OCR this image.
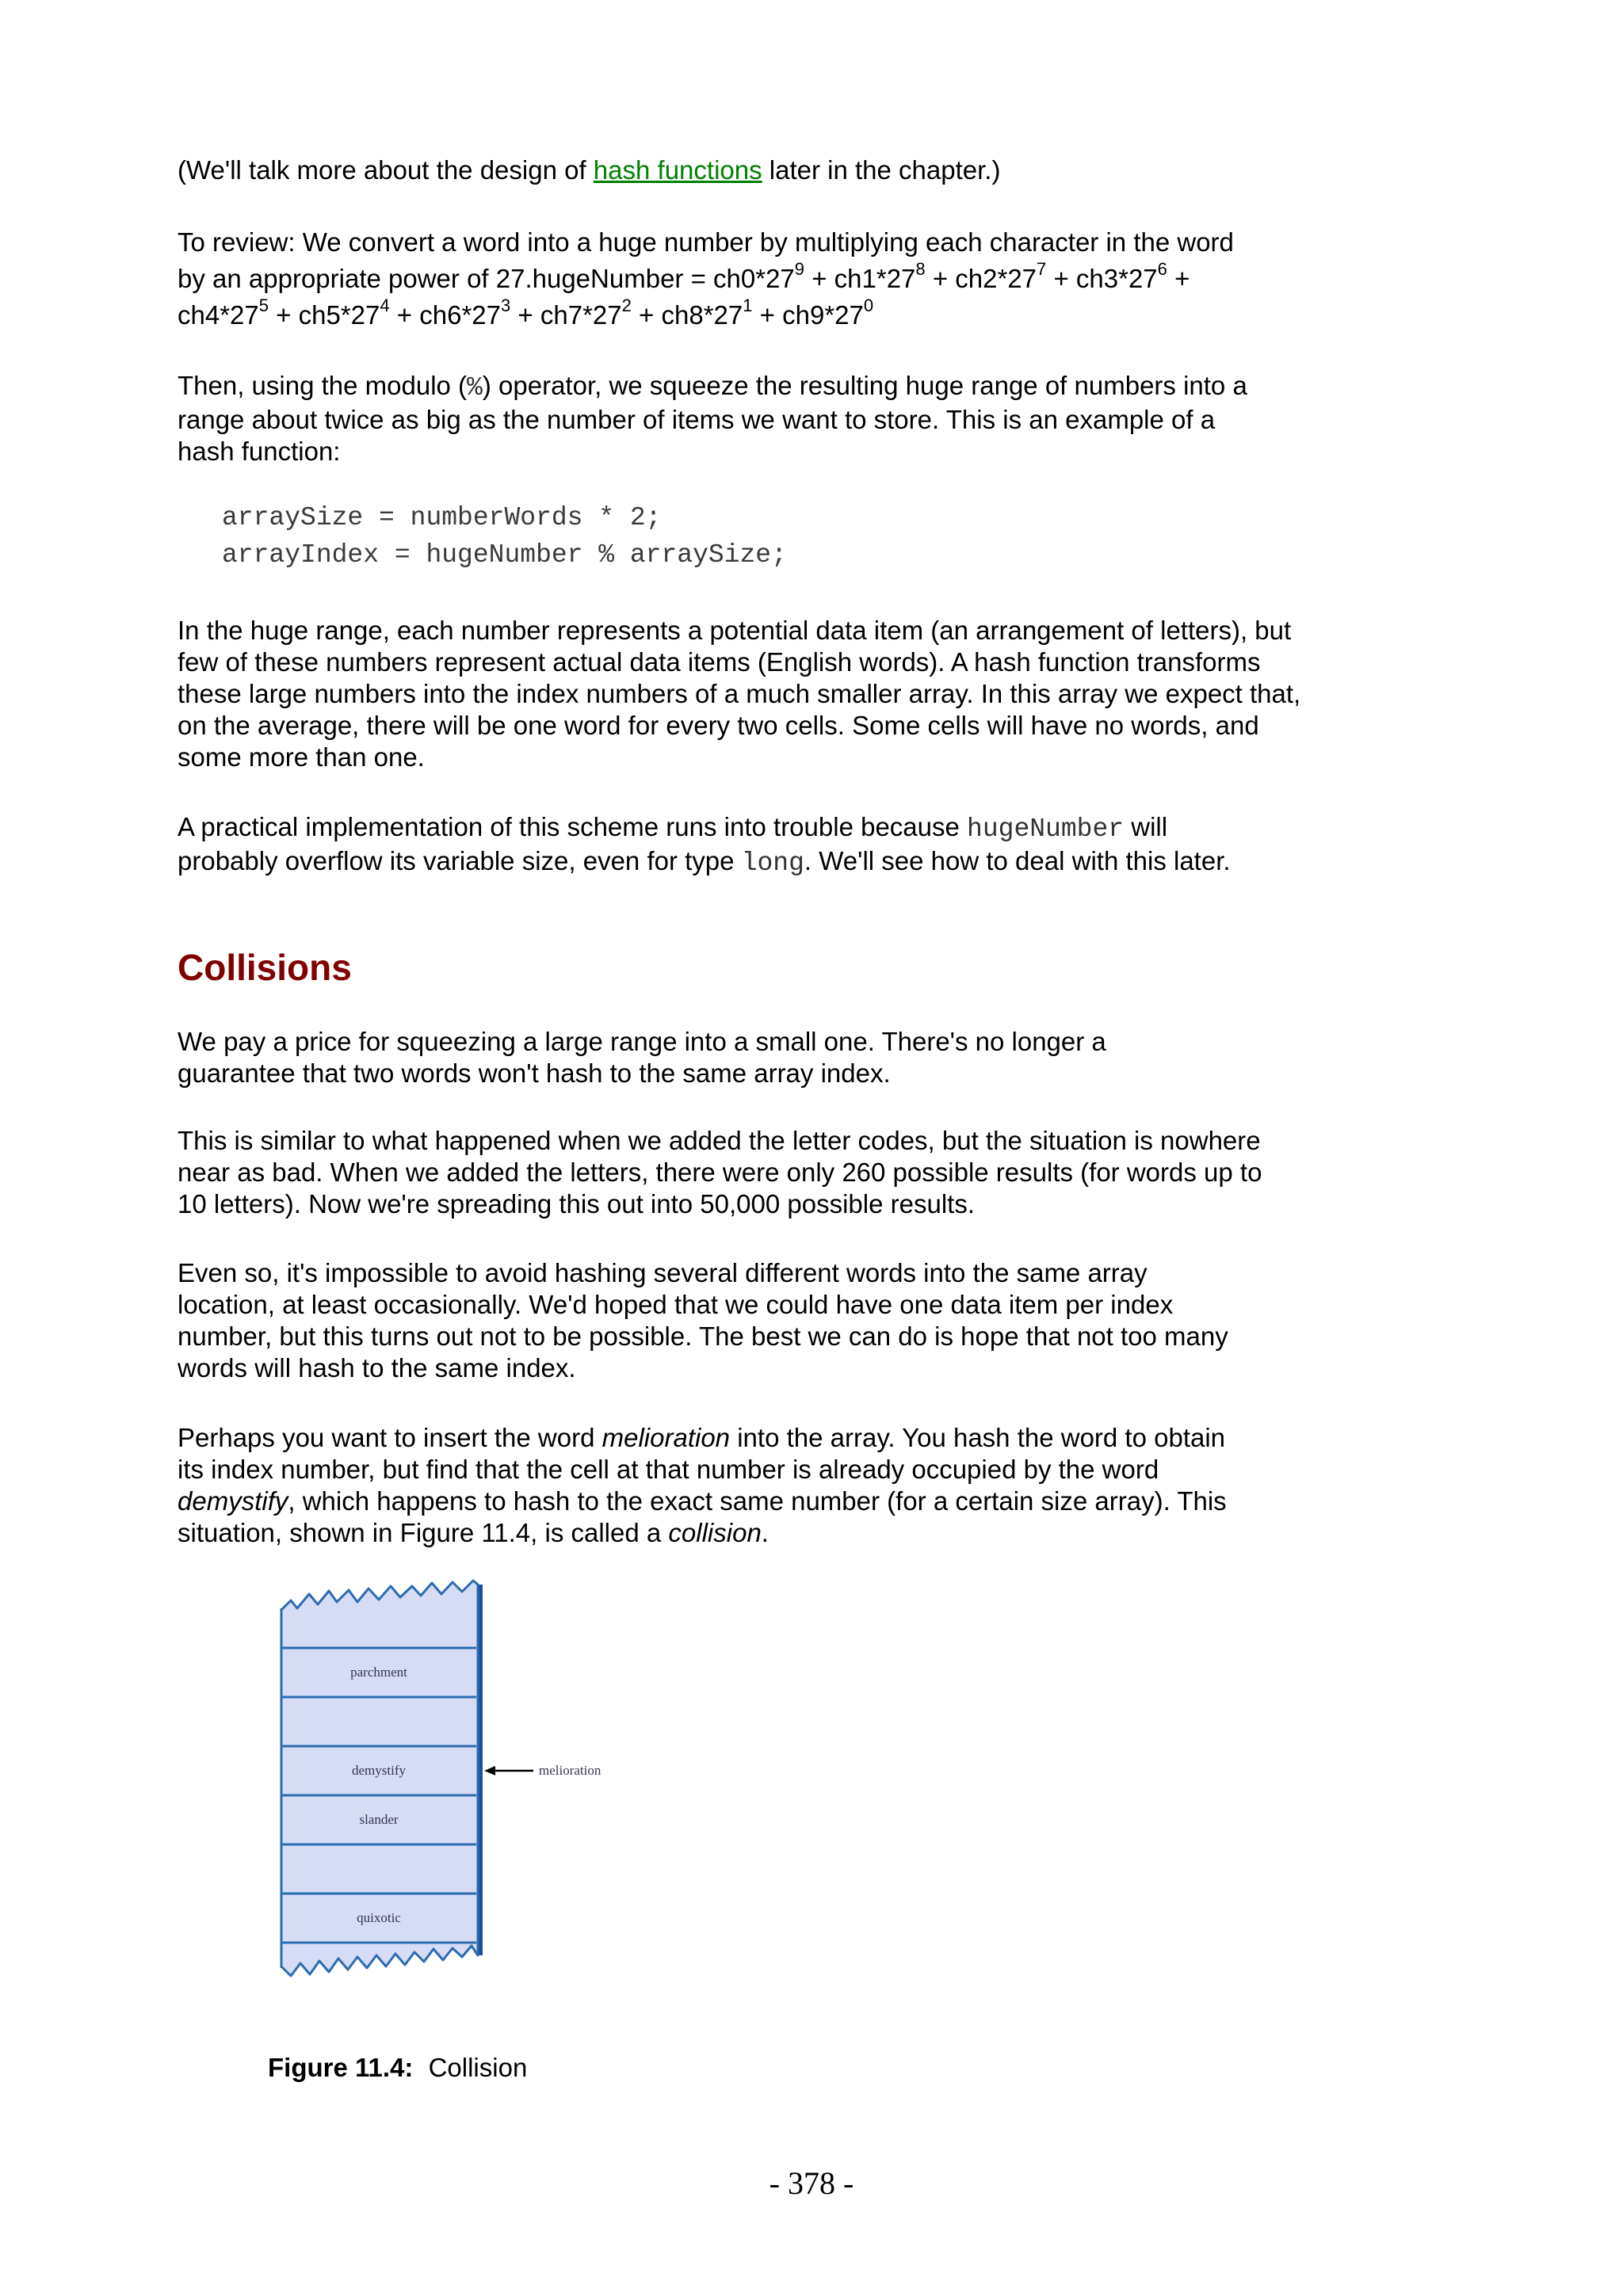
(We'll talk more about the design of hash functions later in the chapter.)

To review: We convert a word into a huge number by multiplying each character in the word by an appropriate power of 27.hugeNumber = $ch0*27^9 + ch1*27^8 + ch2*27^7 + ch3*27^6 + ch4*27^5 + ch5*27^4 + ch6*27^3 + ch7*27^2 + ch8*27^1 + ch9*27^0$

Then, using the modulo (%) operator, we squeeze the resulting huge range of numbers into a range about twice as big as the number of items we want to store. This is an example of a hash function:

arraySize = numberWords * 2;
arrayIndex = hugeNumber % arraySize;

In the huge range, each number represents a potential data item (an arrangement of letters), but few of these numbers represent actual data items (English words). A hash function transforms these large numbers into the index numbers of a much smaller array. In this array we expect that, on the average, there will be one word for every two cells. Some cells will have no words, and some more than one.

A practical implementation of this scheme runs into trouble because hugeNumber will probably overflow its variable size, even for type long. We'll see how to deal with this later.

Collisions

We pay a price for squeezing a large range into a small one. There's no longer a guarantee that two words won't hash to the same array index.

This is similar to what happened when we added the letter codes, but the situation is nowhere near as bad. When we added the letters, there were only 260 possible results (for words up to 10 letters). Now we're spreading this out into 50,000 possible results.

Even so, it's impossible to avoid hashing several different words into the same array location, at least occasionally. We'd hoped that we could have one data item per index number, but this turns out not to be possible. The best we can do is hope that not too many words will hash to the same index.

Perhaps you want to insert the word melioration into the array. You hash the word to obtain its index number, but find that the cell at that number is already occupied by the word demystify, which happens to hash to the exact same number (for a certain size array). This situation, shown in Figure 11.4, is called a collision.

parchment
demystify
slander
quixotic
melioration

Figure 11.4: Collision

- 378 -
